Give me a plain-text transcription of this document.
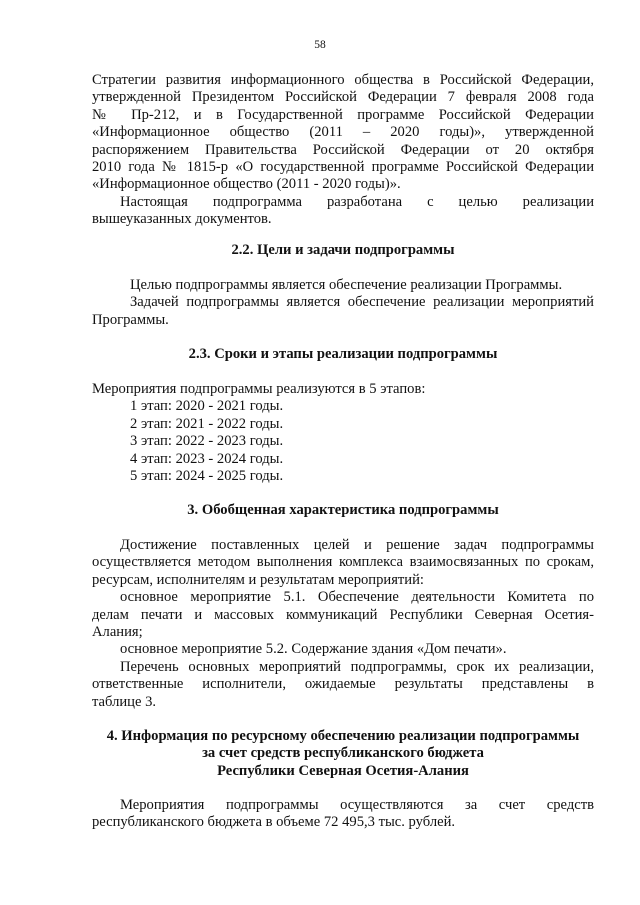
58
Стратегии развития информационного общества в Российской Федерации,
утвержденной Президентом Российской Федерации 7 февраля 2008 года
№ Пр-212, и в Государственной программе Российской Федерации
«Информационное общество (2011 – 2020 годы)», утвержденной
распоряжением Правительства Российской Федерации от 20 октября
2010 года № 1815-р «О государственной программе Российской Федерации
«Информационное общество (2011 - 2020 годы)».
Настоящая подпрограмма разработана с целью реализации
вышеуказанных документов.
2.2. Цели и задачи подпрограммы
Целью подпрограммы является обеспечение реализации Программы.
Задачей подпрограммы является обеспечение реализации мероприятий
Программы.
2.3. Сроки и этапы реализации подпрограммы
Мероприятия подпрограммы реализуются в 5 этапов:
1 этап: 2020 - 2021 годы.
2 этап: 2021 - 2022 годы.
3 этап: 2022 - 2023 годы.
4 этап: 2023 - 2024 годы.
5 этап: 2024 - 2025 годы.
3. Обобщенная характеристика подпрограммы
Достижение поставленных целей и решение задач подпрограммы
осуществляется методом выполнения комплекса взаимосвязанных по срокам,
ресурсам, исполнителям и результатам мероприятий:
основное мероприятие 5.1. Обеспечение деятельности Комитета по
делам печати и массовых коммуникаций Республики Северная Осетия-
Алания;
основное мероприятие 5.2. Содержание здания «Дом печати».
Перечень основных мероприятий подпрограммы, срок их реализации,
ответственные исполнители, ожидаемые результаты представлены в
таблице 3.
4. Информация по ресурсному обеспечению реализации подпрограммы
за счет средств республиканского бюджета
Республики Северная Осетия-Алания
Мероприятия подпрограммы осуществляются за счет средств
республиканского бюджета в объеме 72 495,3 тыс. рублей.
